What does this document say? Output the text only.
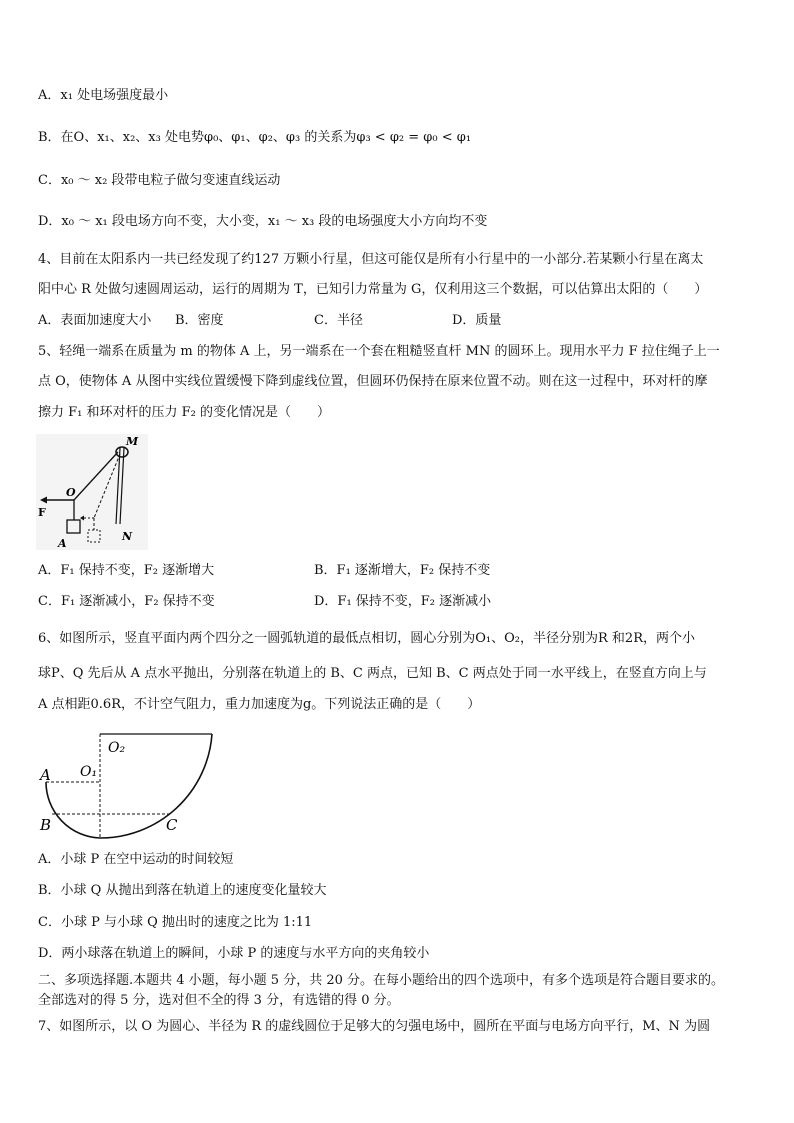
A．x₁ 处电场强度最小
B．在O、x₁、x₂、x₃ 处电势φ₀、φ₁、φ₂、φ₃ 的关系为φ₃ < φ₂ = φ₀ < φ₁
C．x₀ ～ x₂ 段带电粒子做匀变速直线运动
D．x₀ ～ x₁ 段电场方向不变，大小变，x₁ ～ x₃ 段的电场强度大小方向均不变
4、目前在太阳系内一共已经发现了约127 万颗小行星，但这可能仅是所有小行星中的一小部分.若某颗小行星在离太
阳中心 R 处做匀速圆周运动，运行的周期为 T，已知引力常量为 G，仅利用这三个数据，可以估算出太阳的（　　）
A．表面加速度大小 B．密度	C．半径	D．质量
5、轻绳一端系在质量为 m 的物体 A 上，另一端系在一个套在粗糙竖直杆 MN 的圆环上。现用水平力 F 拉住绳子上一
点 O，使物体 A 从图中实线位置缓慢下降到虚线位置，但圆环仍保持在原来位置不动。则在这一过程中，环对杆的摩
擦力 F₁ 和环对杆的压力 F₂ 的变化情况是（　　）
M
O
F
A
N
A．F₁ 保持不变，F₂ 逐渐增大	B．F₁ 逐渐增大，F₂ 保持不变
C．F₁ 逐渐减小，F₂ 保持不变	D．F₁ 保持不变，F₂ 逐渐减小
6、如图所示，竖直平面内两个四分之一圆弧轨道的最低点相切，圆心分别为O₁、O₂，半径分别为R 和2R，两个小
球P、Q 先后从 A 点水平抛出，分别落在轨道上的 B、C 两点，已知 B、C 两点处于同一水平线上，在竖直方向上与
A 点相距0.6R，不计空气阻力，重力加速度为g。下列说法正确的是（　　）
O₂
O₁
A
B	C
A．小球 P 在空中运动的时间较短
B．小球 Q 从抛出到落在轨道上的速度变化量较大
C．小球 P 与小球 Q 抛出时的速度之比为 1:11
D．两小球落在轨道上的瞬间，小球 P 的速度与水平方向的夹角较小
二、多项选择题.本题共 4 小题，每小题 5 分，共 20 分。在每小题给出的四个选项中，有多个选项是符合题目要求的。
全部选对的得 5 分，选对但不全的得 3 分，有选错的得 0 分。
7、如图所示，以 O 为圆心、半径为 R 的虚线圆位于足够大的匀强电场中，圆所在平面与电场方向平行，M、N 为圆
